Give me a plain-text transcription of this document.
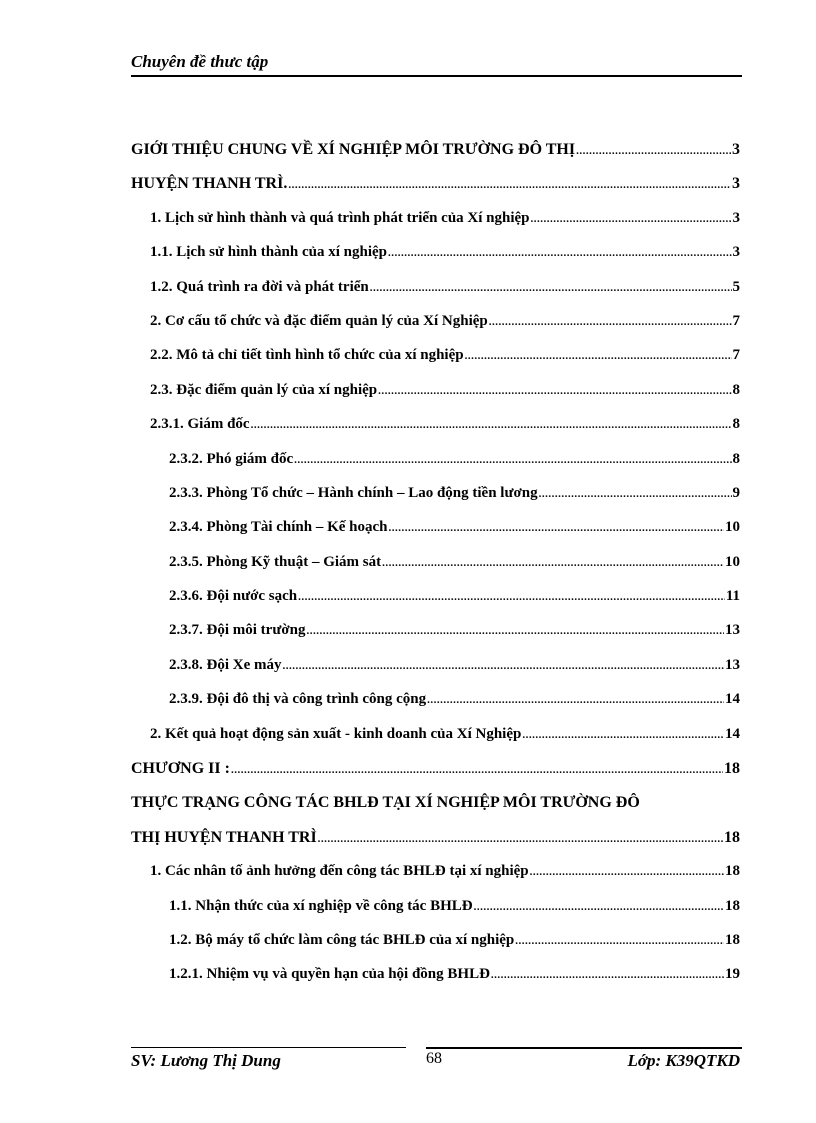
Chuyên đề thưc tập
GIỚI THIỆU CHUNG VỀ XÍ NGHIỆP MÔI TRƯỜNG ĐÔ THỊ .....	3
HUYỆN THANH TRÌ. .....	3
1. Lịch sử hình thành và quá trình phát triển của Xí nghiệp .....	3
1.1. Lịch sử hình thành của xí nghiệp .....	3
1.2. Quá trình ra đời và phát triển .....	5
2. Cơ cấu tổ chức và đặc điểm quản lý của Xí Nghiệp .....	7
2.2. Mô tả chỉ tiết tình hình tổ chức của xí nghiệp .....	7
2.3. Đặc điểm quản lý của xí nghiệp .....	8
2.3.1. Giám đốc .....	8
2.3.2. Phó giám đốc .....	8
2.3.3. Phòng Tổ chức – Hành chính – Lao động tiền lương .....	9
2.3.4. Phòng Tài chính – Kế hoạch .....	10
2.3.5. Phòng Kỹ thuật – Giám sát .....	10
2.3.6. Đội nước sạch .....	11
2.3.7. Đội môi trường .....	13
2.3.8. Đội Xe máy .....	13
2.3.9. Đội đô thị và công trình công cộng .....	14
2. Kết quả hoạt động sản xuất - kinh doanh của Xí Nghiệp .....	14
CHƯƠNG II : .....	18
THỰC TRẠNG CÔNG TÁC BHLĐ TẠI XÍ NGHIỆP MÔI TRƯỜNG ĐÔ
THỊ HUYỆN THANH TRÌ .....	18
1. Các nhân tố ảnh hưởng đến công tác BHLĐ tại xí nghiệp .....	18
1.1. Nhận thức của xí nghiệp về công tác BHLĐ .....	18
1.2. Bộ máy tổ chức làm công tác BHLĐ của xí nghiệp .....	18
1.2.1. Nhiệm vụ và quyền hạn của hội đồng BHLĐ .....	19
SV: Lương Thị Dung	68	Lớp: K39QTKD
